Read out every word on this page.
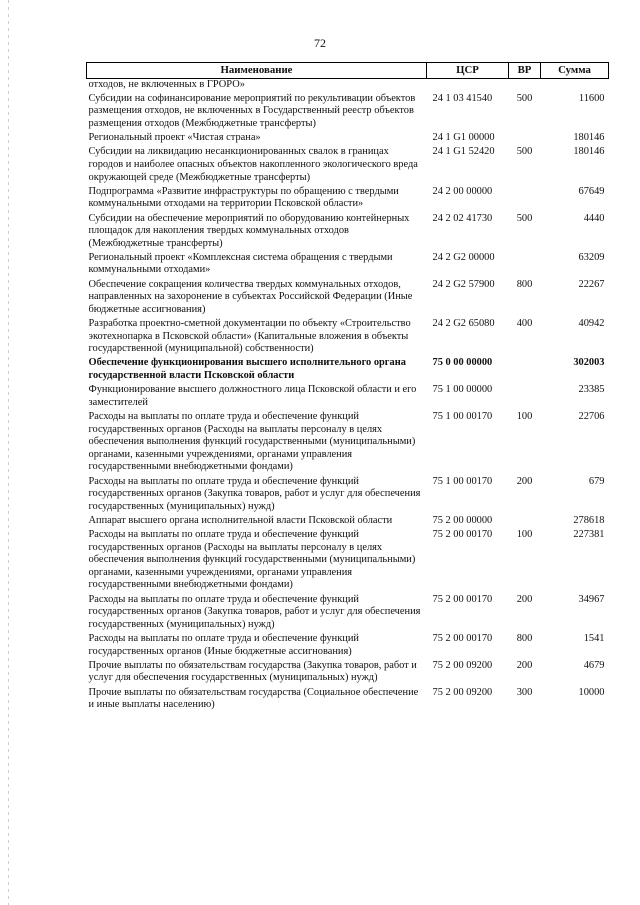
72
Наименование	ЦСР	ВР	Сумма
отходов, не включенных в ГРОРО»			
Субсидии на софинансирование мероприятий по рекультивации объектов размещения отходов, не включенных в Государственный реестр объектов размещения отходов (Межбюджетные трансферты)	24 1 03 41540	500	11600
Региональный проект «Чистая страна»	24 1 G1 00000		180146
Субсидии на ликвидацию несанкционированных свалок в границах городов и наиболее опасных объектов накопленного экологического вреда окружающей среде (Межбюджетные трансферты)	24 1 G1 52420	500	180146
Подпрограмма «Развитие инфраструктуры по обращению с твердыми коммунальными отходами на территории Псковской области»	24 2 00 00000		67649
Субсидии на обеспечение мероприятий по оборудованию контейнерных площадок для накопления твердых коммунальных отходов (Межбюджетные трансферты)	24 2 02 41730	500	4440
Региональный проект «Комплексная система обращения с твердыми коммунальными отходами»	24 2 G2 00000		63209
Обеспечение сокращения количества твердых коммунальных отходов, направленных на захоронение в субъектах Российской Федерации (Иные бюджетные ассигнования)	24 2 G2 57900	800	22267
Разработка проектно-сметной документации по объекту «Строительство экотехнопарка в Псковской области» (Капитальные вложения в объекты государственной (муниципальной) собственности)	24 2 G2 65080	400	40942
Обеспечение функционирования высшего исполнительного органа государственной власти Псковской области	75 0 00 00000		302003
Функционирование высшего должностного лица Псковской области и его заместителей	75 1 00 00000		23385
Расходы на выплаты по оплате труда и обеспечение функций государственных органов (Расходы на выплаты персоналу в целях обеспечения выполнения функций государственными (муниципальными) органами, казенными учреждениями, органами управления государственными внебюджетными фондами)	75 1 00 00170	100	22706
Расходы на выплаты по оплате труда и обеспечение функций государственных органов (Закупка товаров, работ и услуг для обеспечения государственных (муниципальных) нужд)	75 1 00 00170	200	679
Аппарат высшего органа исполнительной власти Псковской области	75 2 00 00000		278618
Расходы на выплаты по оплате труда и обеспечение функций государственных органов (Расходы на выплаты персоналу в целях обеспечения выполнения функций государственными (муниципальными) органами, казенными учреждениями, органами управления государственными внебюджетными фондами)	75 2 00 00170	100	227381
Расходы на выплаты по оплате труда и обеспечение функций государственных органов (Закупка товаров, работ и услуг для обеспечения государственных (муниципальных) нужд)	75 2 00 00170	200	34967
Расходы на выплаты по оплате труда и обеспечение функций государственных органов (Иные бюджетные ассигнования)	75 2 00 00170	800	1541
Прочие выплаты по обязательствам государства (Закупка товаров, работ и услуг для обеспечения государственных (муниципальных) нужд)	75 2 00 09200	200	4679
Прочие выплаты по обязательствам государства (Социальное обеспечение и иные выплаты населению)	75 2 00 09200	300	10000
